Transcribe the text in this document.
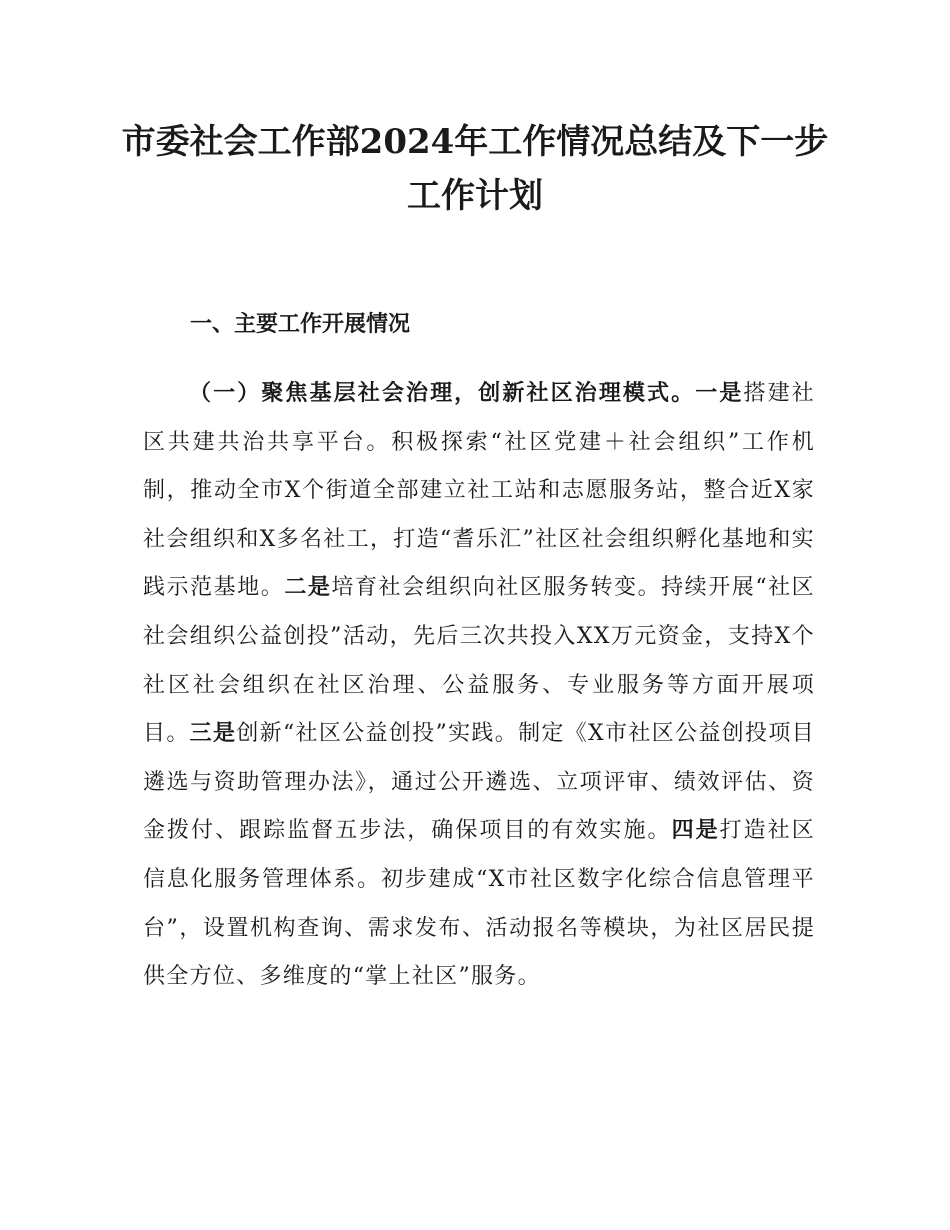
市委社会工作部2024年工作情况总结及下一步工作计划
一、主要工作开展情况

（一）聚焦基层社会治理，创新社区治理模式。一是搭建社区共建共治共享平台。积极探索“社区党建＋社会组织”工作机制，推动全市X个街道全部建立社工站和志愿服务站，整合近X家社会组织和X多名社工，打造“耆乐汇”社区社会组织孵化基地和实践示范基地。二是培育社会组织向社区服务转变。持续开展“社区社会组织公益创投”活动，先后三次共投入XX万元资金，支持X个社区社会组织在社区治理、公益服务、专业服务等方面开展项目。三是创新“社区公益创投”实践。制定《X市社区公益创投项目遴选与资助管理办法》，通过公开遴选、立项评审、绩效评估、资金拨付、跟踪监督五步法，确保项目的有效实施。四是打造社区信息化服务管理体系。初步建成“X市社区数字化综合信息管理平台”，设置机构查询、需求发布、活动报名等模块，为社区居民提供全方位、多维度的“掌上社区”服务。
